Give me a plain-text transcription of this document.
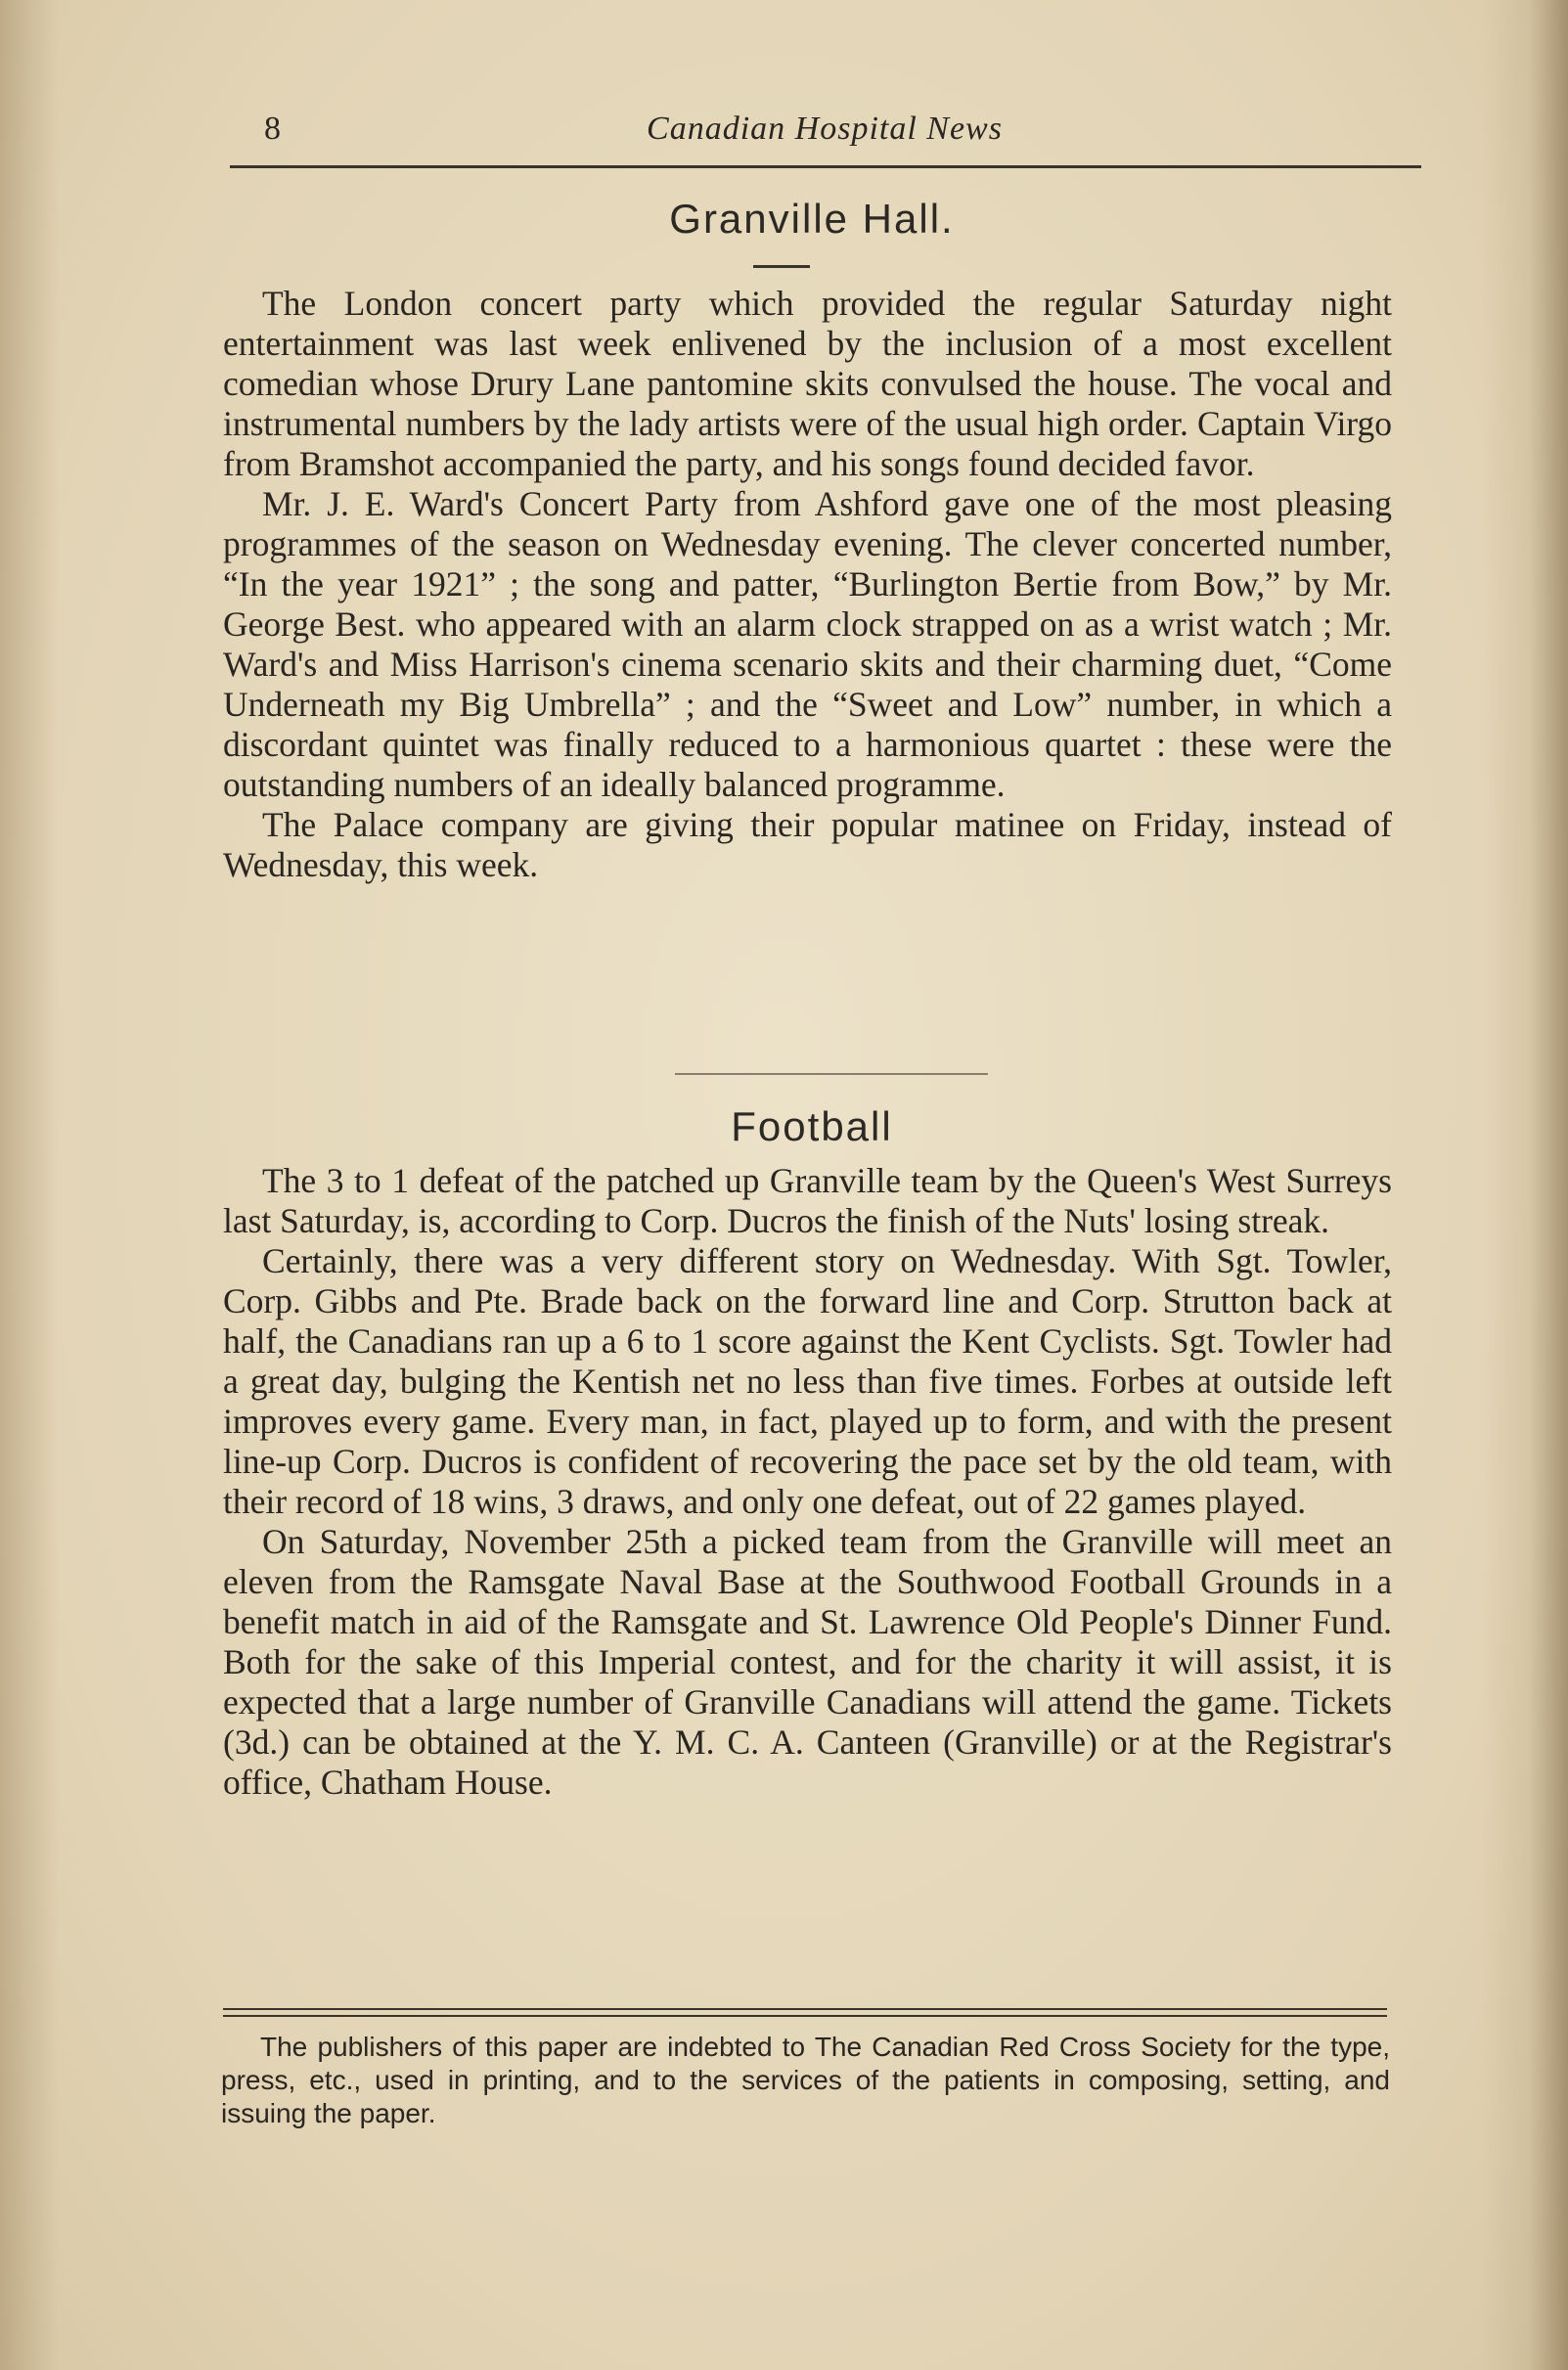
8	Canadian Hospital News
Granville Hall.

The London concert party which provided the regular Saturday night entertainment was last week enlivened by the inclusion of a most excellent comedian whose Drury Lane pantomine skits convulsed the house. The vocal and instrumental numbers by the lady artists were of the usual high order. Captain Virgo from Bramshot accompanied the party, and his songs found decided favor.

Mr. J. E. Ward's Concert Party from Ashford gave one of the most pleasing programmes of the season on Wednesday evening. The clever concerted number, “In the year 1921” ; the song and patter, “Burlington Bertie from Bow,” by Mr. George Best. who appeared with an alarm clock strapped on as a wrist watch ; Mr. Ward's and Miss Harrison's cinema scenario skits and their charming duet, “Come Underneath my Big Umbrella” ; and the “Sweet and Low” number, in which a discordant quintet was finally reduced to a harmonious quartet : these were the outstanding numbers of an ideally balanced programme.

The Palace company are giving their popular matinee on Friday, instead of Wednesday, this week.

Football

The 3 to 1 defeat of the patched up Granville team by the Queen's West Surreys last Saturday, is, according to Corp. Ducros the finish of the Nuts' losing streak.

Certainly, there was a very different story on Wednesday. With Sgt. Towler, Corp. Gibbs and Pte. Brade back on the forward line and Corp. Strutton back at half, the Canadians ran up a 6 to 1 score against the Kent Cyclists. Sgt. Towler had a great day, bulging the Kentish net no less than five times. Forbes at outside left improves every game. Every man, in fact, played up to form, and with the present line-up Corp. Ducros is confident of recovering the pace set by the old team, with their record of 18 wins, 3 draws, and only one defeat, out of 22 games played.

On Saturday, November 25th a picked team from the Granville will meet an eleven from the Ramsgate Naval Base at the Southwood Football Grounds in a benefit match in aid of the Ramsgate and St. Lawrence Old People's Dinner Fund. Both for the sake of this Imperial contest, and for the charity it will assist, it is expected that a large number of Granville Canadians will attend the game. Tickets (3d.) can be obtained at the Y. M. C. A. Canteen (Granville) or at the Registrar's office, Chatham House.

The publishers of this paper are indebted to The Canadian Red Cross Society for the type, press, etc., used in printing, and to the services of the patients in composing, setting, and issuing the paper.
